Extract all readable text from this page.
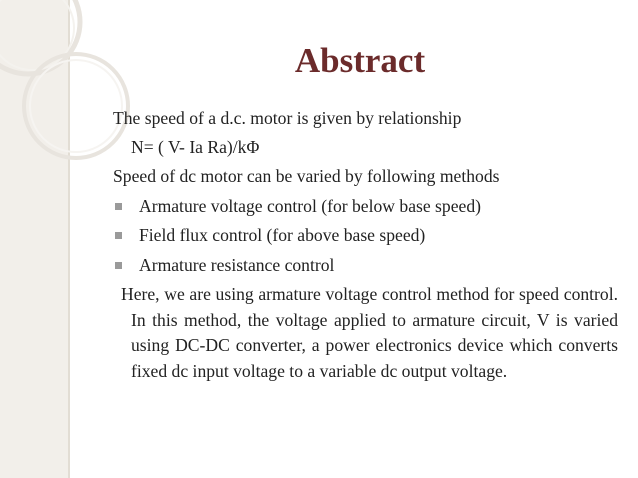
Abstract
The speed of a d.c. motor is given by relationship
N= ( V- Ia Ra)/kΦ
Speed of dc motor can be varied by following methods
Armature voltage control (for below base speed)
Field flux control (for above base speed)
Armature resistance control
Here, we are using armature voltage control method for speed control. In this method, the voltage applied to armature circuit, V is varied using DC-DC converter, a power electronics device which converts fixed dc input voltage to a variable dc output voltage.
